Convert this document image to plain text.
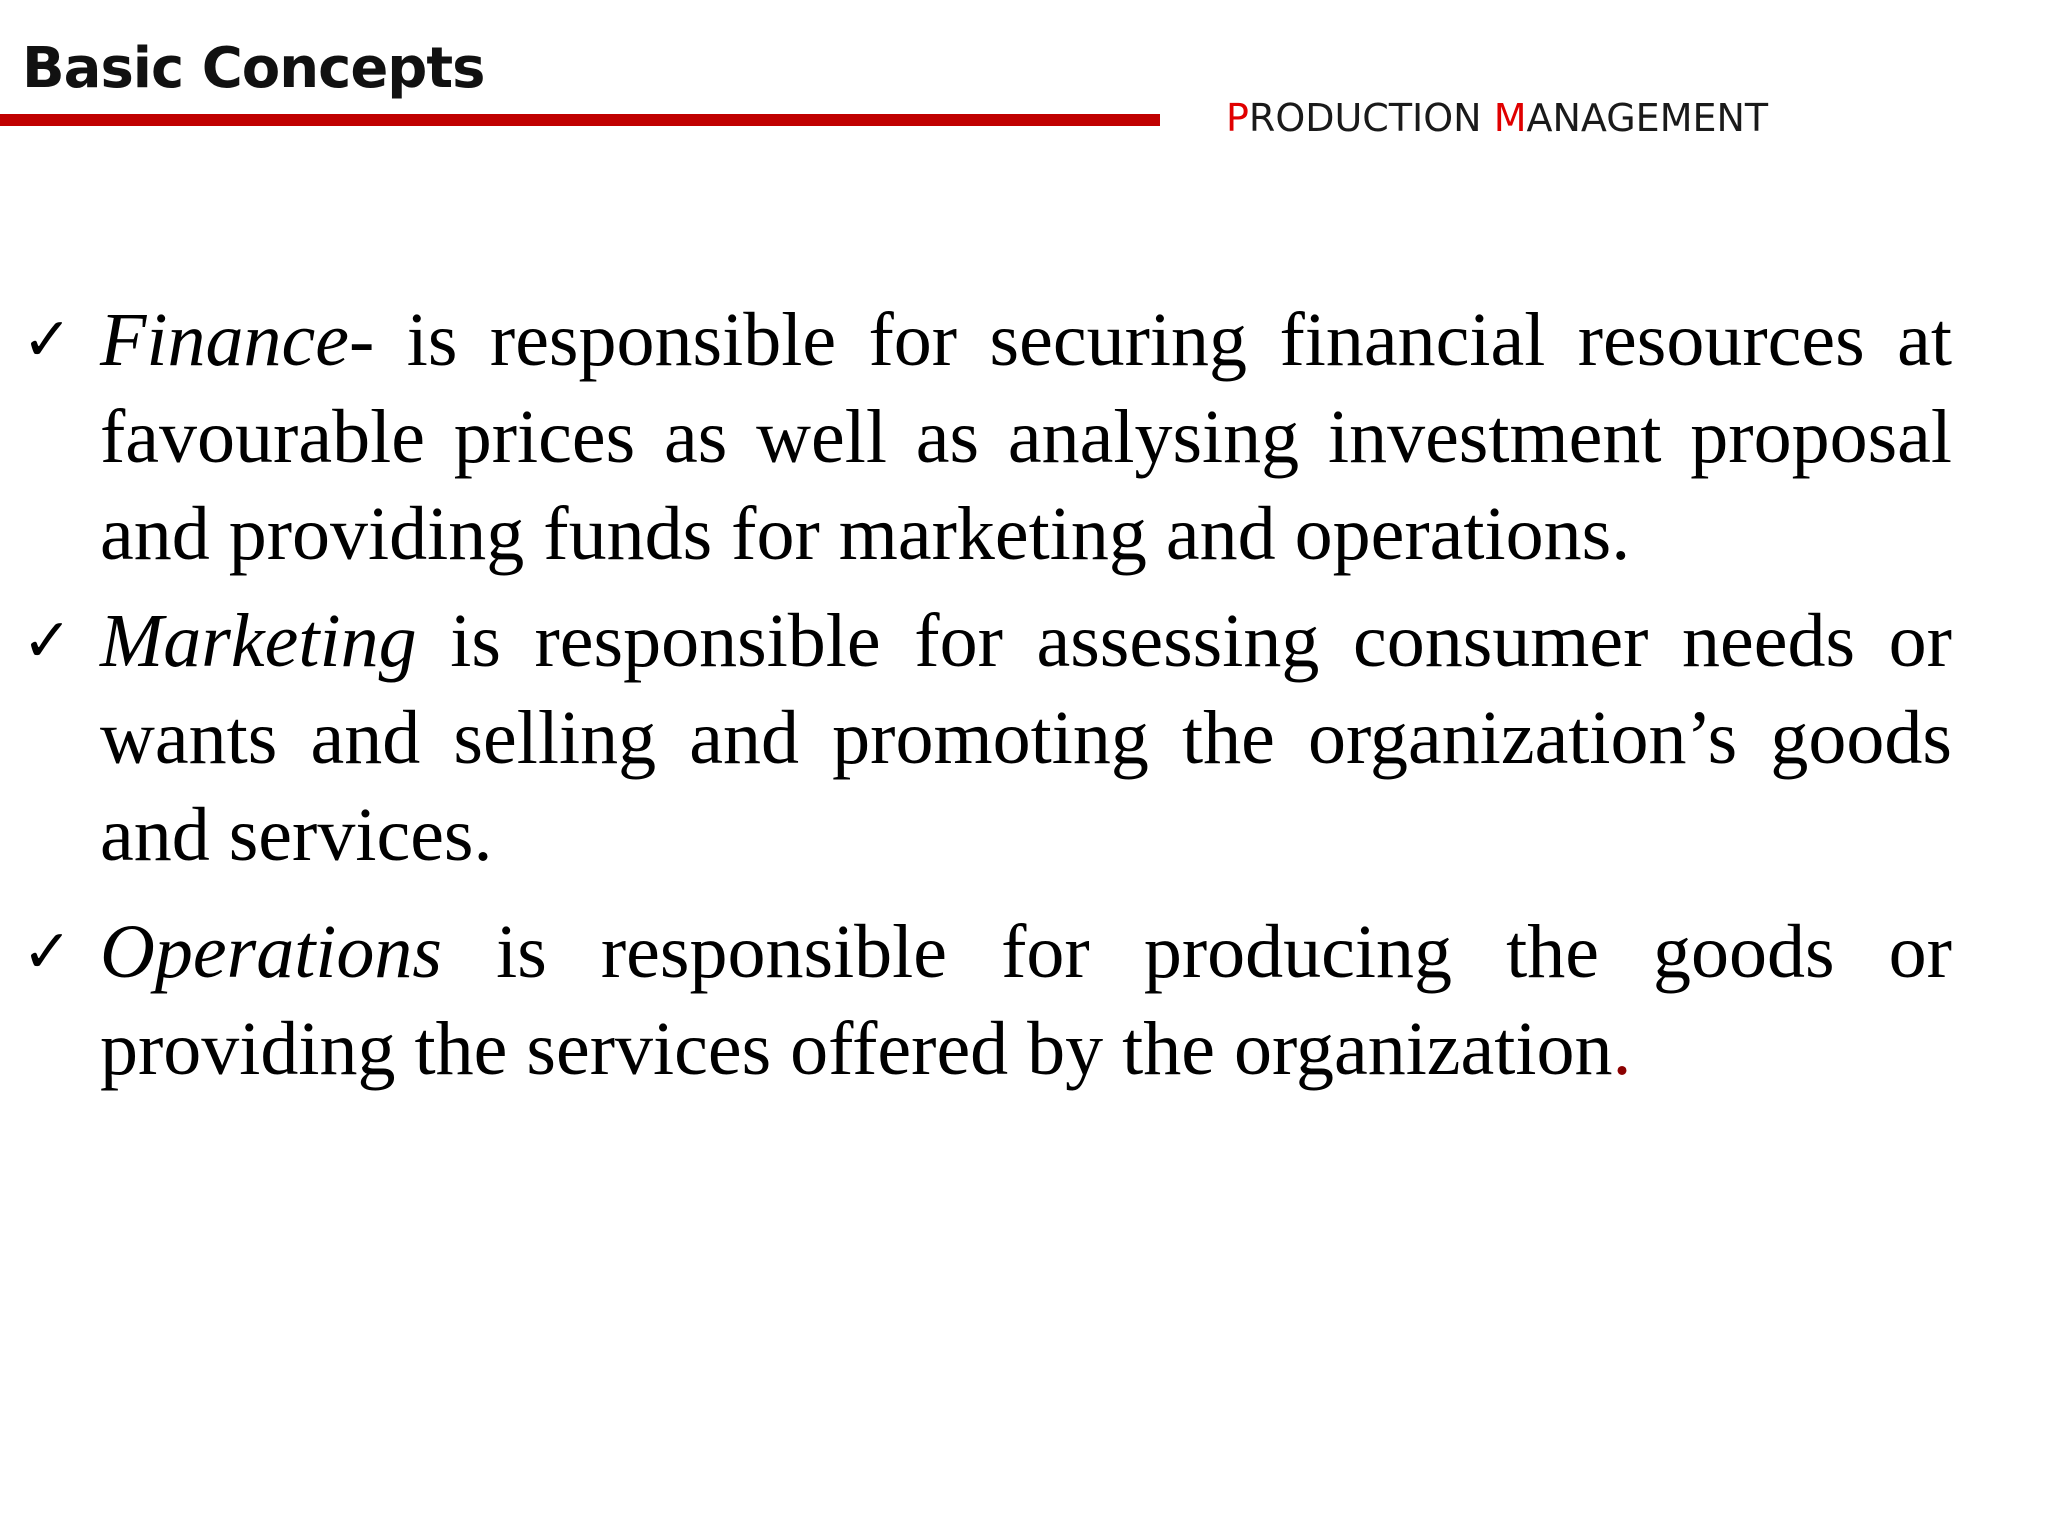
Basic Concepts
PRODUCTION MANAGEMENT
✓ Finance- is responsible for securing financial resources at favourable prices as well as analysing investment proposal and providing funds for marketing and operations.
✓ Marketing is responsible for assessing consumer needs or wants and selling and promoting the organization’s goods and services.
✓ Operations is responsible for producing the goods or providing the services offered by the organization.
